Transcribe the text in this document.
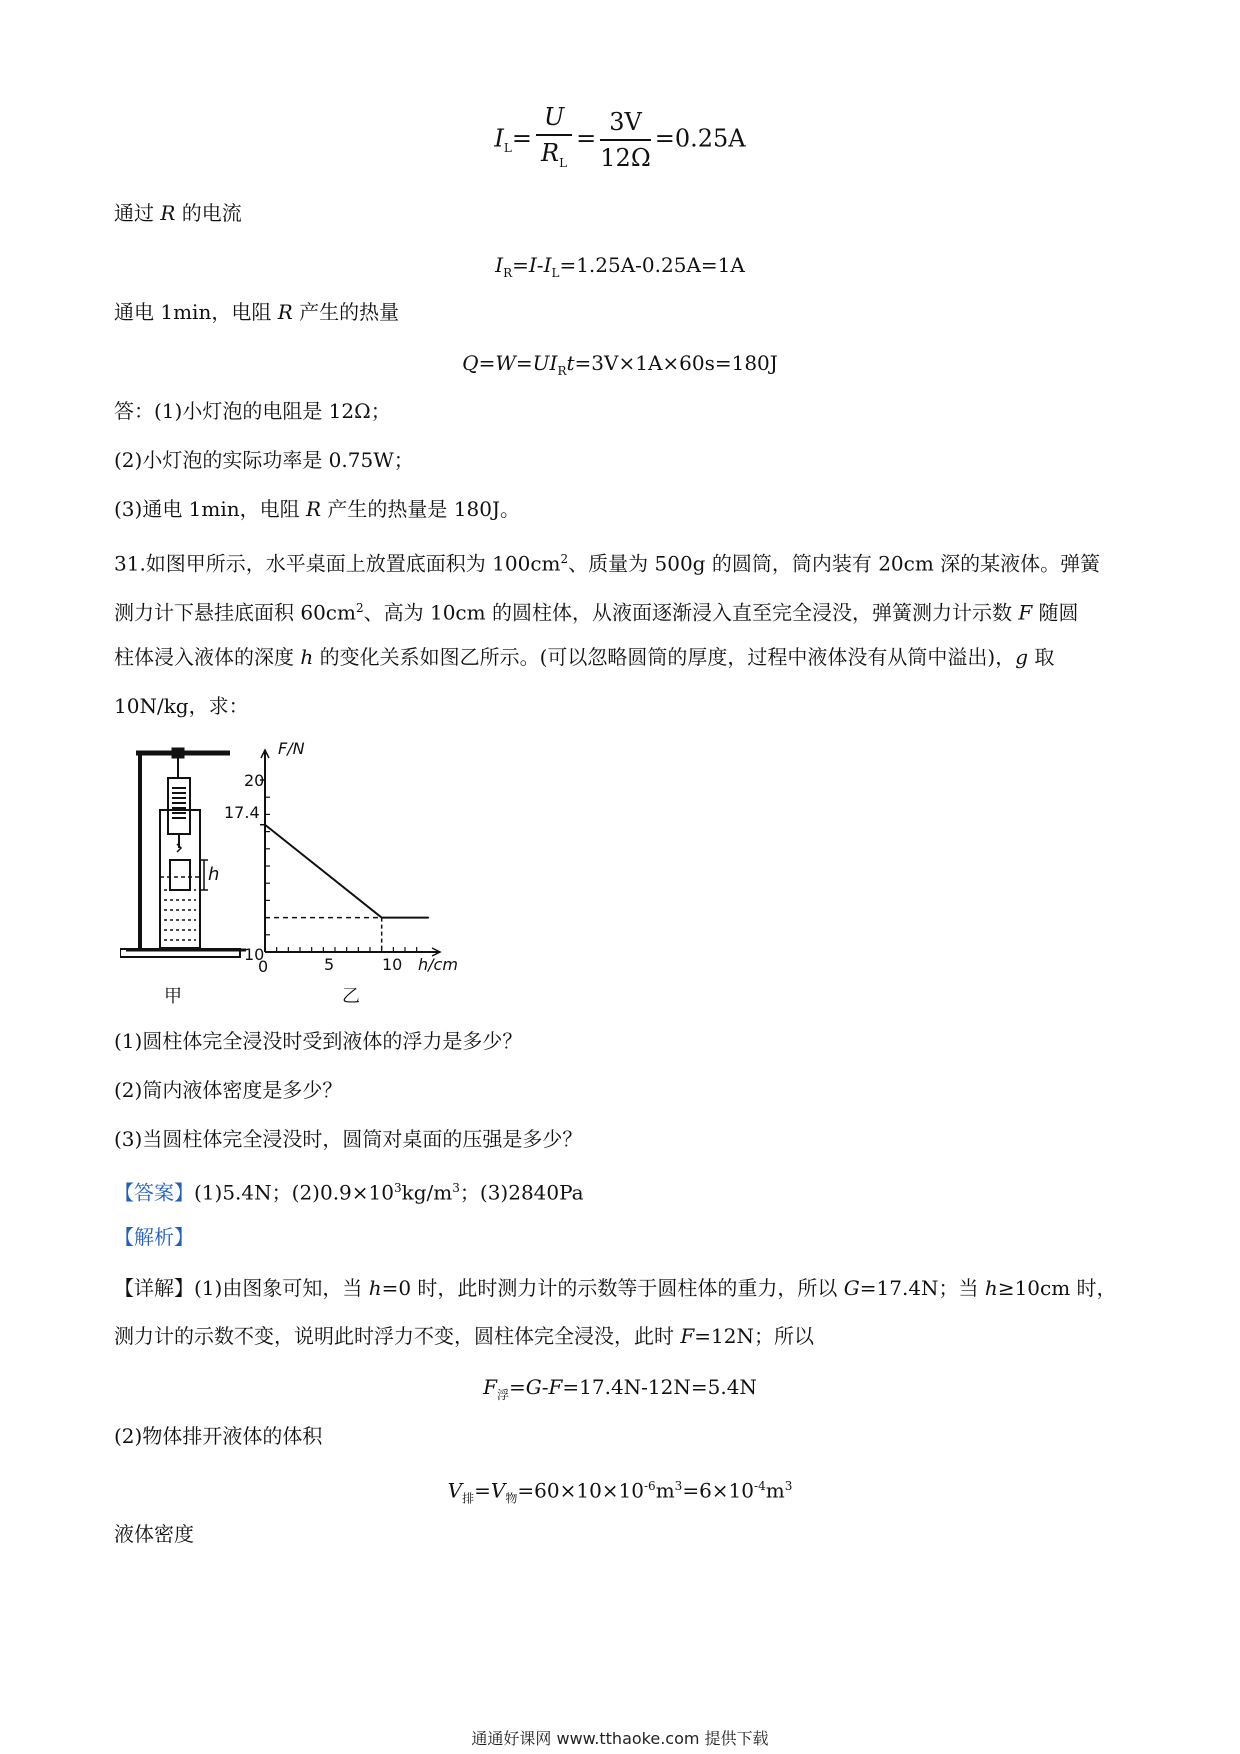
$I_L= \frac{U}{R_L} = \frac{3V}{12\Omega} =0.25A$
通过 R 的电流
$I_R=I-I_L=1.25A-0.25A=1A$
通电 1min，电阻 R 产生的热量
$Q=W=UI_Rt=3V\times 1A\times 60s=180J$
答：(1)小灯泡的电阻是 12Ω；
(2)小灯泡的实际功率是 0.75W；
(3)通电 1min，电阻 R 产生的热量是 180J。
31.如图甲所示，水平桌面上放置底面积为 $100cm^2$、质量为 500g 的圆筒，筒内装有 20cm 深的某液体。弹簧
测力计下悬挂底面积 $60cm^2$、高为 10cm 的圆柱体，从液面逐渐浸入直至完全浸没，弹簧测力计示数 F 随圆
柱体浸入液体的深度 h 的变化关系如图乙所示。(可以忽略圆筒的厚度，过程中液体没有从筒中溢出)，g 取
10N/kg，求：
h
甲
F/N
h/cm
20
17.4
10
0	5	10
乙
(1)圆柱体完全浸没时受到液体的浮力是多少？
(2)筒内液体密度是多少？
(3)当圆柱体完全浸没时，圆筒对桌面的压强是多少？
【答案】(1)5.4N；$(2)0.9\times 10^3kg/m^3$；(3)2840Pa
【解析】
【详解】(1)由图象可知，当 h=0 时，此时测力计的示数等于圆柱体的重力，所以 G=17.4N；当 h≥10cm 时，
测力计的示数不变，说明此时浮力不变，圆柱体完全浸没，此时 F=12N；所以
$F_浮=G-F=17.4N-12N=5.4N$
(2)物体排开液体的体积
$V_排=V_物=60\times 10\times 10^{-6}m^3=6\times 10^{-4}m^3$
液体密度
通通好课网 www.tthaoke.com 提供下载
